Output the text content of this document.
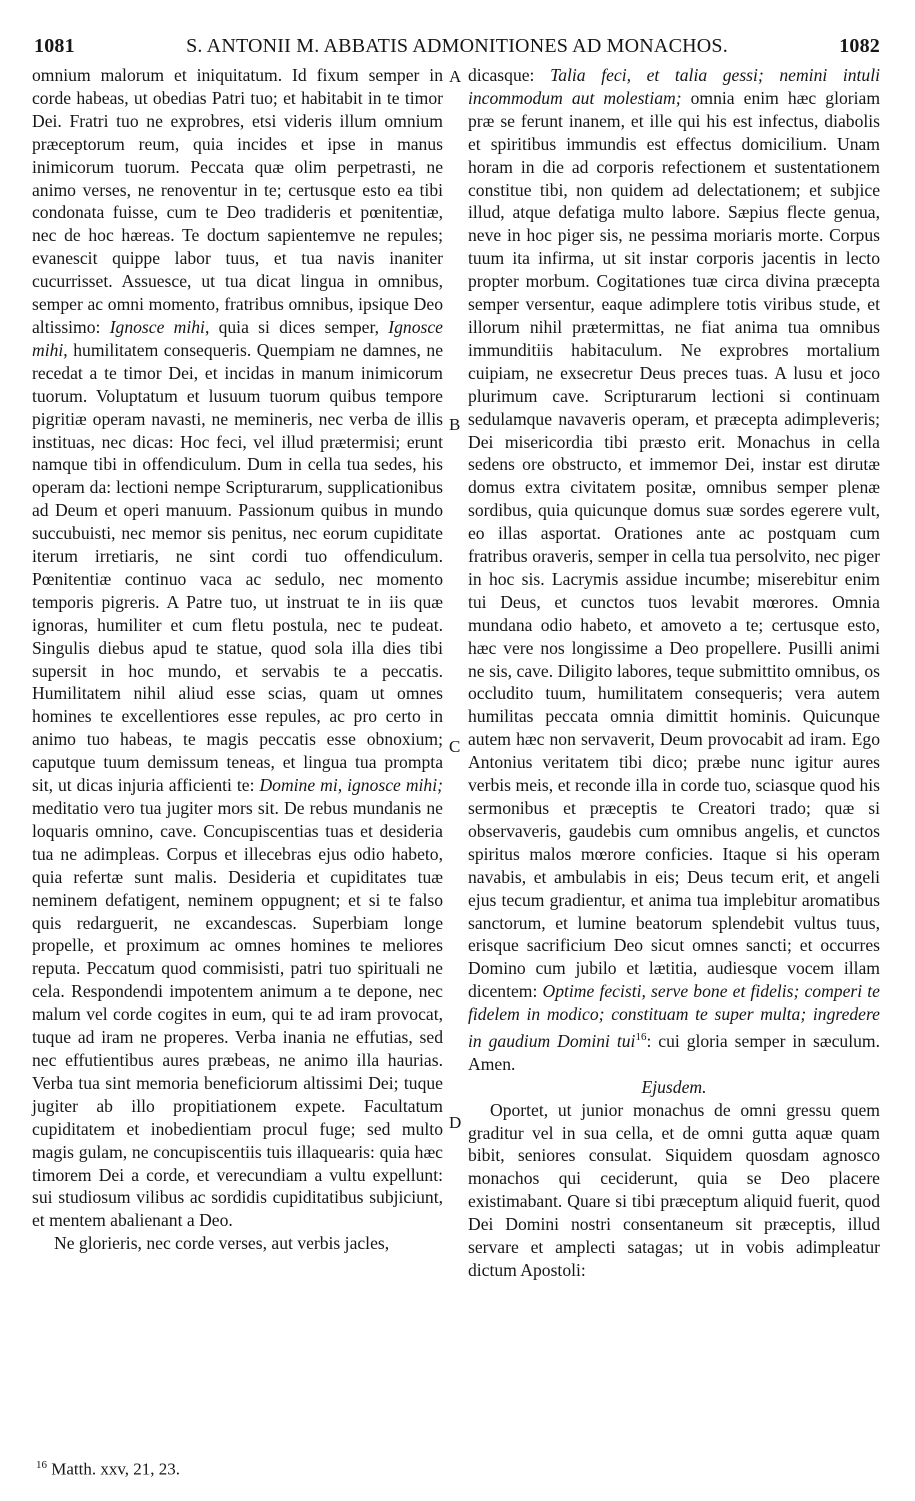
1081	S. ANTONII M. ABBATIS ADMONITIONES AD MONACHOS.	1082

omnium malorum et iniquitatum. Id fixum semper in corde habeas, ut obedias Patri tuo; et habitabit in te timor Dei. Fratri tuo ne exprobres, etsi videris illum omnium præceptorum reum, quia incides et ipse in manus inimicorum tuorum. Peccata quæ olim perpetrasti, ne animo verses, ne renoventur in te; certusque esto ea tibi condonata fuisse, cum te Deo tradideris et pœnitentiæ, nec de hoc hæreas. Te doctum sapientemve ne repules; evanescit quippe labor tuus, et tua navis inaniter cucurrisset. Assuesce, ut tua dicat lingua in omnibus, semper ac omni momento, fratribus omnibus, ipsique Deo altissimo: Ignosce mihi, quia si dices semper, Ignosce mihi, humilitatem consequeris. Quempiam ne damnes, ne recedat a te timor Dei, et incidas in manum inimicorum tuorum. Voluptatum et lusuum tuorum quibus tempore pigritiæ operam navasti, ne memineris, nec verba de illis instituas, nec dicas: Hoc feci, vel illud prætermisi; erunt namque tibi in offendiculum. Dum in cella tua sedes, his operam da: lectioni nempe Scripturarum, supplicationibus ad Deum et operi manuum. Passionum quibus in mundo succubuisti, nec memor sis penitus, nec eorum cupiditate iterum irretiaris, ne sint cordi tuo offendiculum. Pœnitentiæ continuo vaca ac sedulo, nec momento temporis pigreris. A Patre tuo, ut instruat te in iis quæ ignoras, humiliter et cum fletu postula, nec te pudeat. Singulis diebus apud te statue, quod sola illa dies tibi supersit in hoc mundo, et servabis te a peccatis. Humilitatem nihil aliud esse scias, quam ut omnes homines te excellentiores esse repules, ac pro certo in animo tuo habeas, te magis peccatis esse obnoxium; caputque tuum demissum teneas, et lingua tua prompta sit, ut dicas injuria afficienti te: Domine mi, ignosce mihi; meditatio vero tua jugiter mors sit. De rebus mundanis ne loquaris omnino, cave. Concupiscentias tuas et desideria tua ne adimpleas. Corpus et illecebras ejus odio habeto, quia refertæ sunt malis. Desideria et cupiditates tuæ neminem defatigent, neminem oppugnent; et si te falso quis redarguerit, ne excandescas. Superbiam longe propelle, et proximum ac omnes homines te meliores reputa. Peccatum quod commisisti, patri tuo spirituali ne cela. Respondendi impotentem animum a te depone, nec malum vel corde cogites in eum, qui te ad iram provocat, tuque ad iram ne properes. Verba inania ne effutias, sed nec effutientibus aures præbeas, ne animo illa haurias. Verba tua sint memoria beneficiorum altissimi Dei; tuque jugiter ab illo propitiationem expete. Facultatum cupiditatem et inobedientiam procul fuge; sed multo magis gulam, ne concupiscentiis tuis illaquearis: quia hæc timorem Dei a corde, et verecundiam a vultu expellunt: sui studiosum vilibus ac sordidis cupiditatibus subjiciunt, et mentem abalienant a Deo.

Ne glorieris, nec corde verses, aut verbis jacles,

A
B
C
D

dicasque: Talia feci, et talia gessi; nemini intuli incommodum aut molestiam; omnia enim hæc gloriam præ se ferunt inanem, et ille qui his est infectus, diabolis et spiritibus immundis est effectus domicilium. Unam horam in die ad corporis refectionem et sustentationem constitue tibi, non quidem ad delectationem; et subjice illud, atque defatiga multo labore. Sæpius flecte genua, neve in hoc piger sis, ne pessima moriaris morte. Corpus tuum ita infirma, ut sit instar corporis jacentis in lecto propter morbum. Cogitationes tuæ circa divina præcepta semper versentur, eaque adimplere totis viribus stude, et illorum nihil prætermittas, ne fiat anima tua omnibus immunditiis habitaculum. Ne exprobres mortalium cuipiam, ne exsecretur Deus preces tuas. A lusu et joco plurimum cave. Scripturarum lectioni si continuam sedulamque navaveris operam, et præcepta adimpleveris; Dei misericordia tibi præsto erit. Monachus in cella sedens ore obstructo, et immemor Dei, instar est dirutæ domus extra civitatem positæ, omnibus semper plenæ sordibus, quia quicunque domus suæ sordes egerere vult, eo illas asportat. Orationes ante ac postquam cum fratribus oraveris, semper in cella tua persolvito, nec piger in hoc sis. Lacrymis assidue incumbe; miserebitur enim tui Deus, et cunctos tuos levabit mœrores. Omnia mundana odio habeto, et amoveto a te; certusque esto, hæc vere nos longissime a Deo propellere. Pusilli animi ne sis, cave. Diligito labores, teque submittito omnibus, os occludito tuum, humilitatem consequeris; vera autem humilitas peccata omnia dimittit hominis. Quicunque autem hæc non servaverit, Deum provocabit ad iram. Ego Antonius veritatem tibi dico; præbe nunc igitur aures verbis meis, et reconde illa in corde tuo, sciasque quod his sermonibus et præceptis te Creatori trado; quæ si observaveris, gaudebis cum omnibus angelis, et cunctos spiritus malos mœrore conficies. Itaque si his operam navabis, et ambulabis in eis; Deus tecum erit, et angeli ejus tecum gradientur, et anima tua implebitur aromatibus sanctorum, et lumine beatorum splendebit vultus tuus, erisque sacrificium Deo sicut omnes sancti; et occurres Domino cum jubilo et lætitia, audiesque vocem illam dicentem: Optime fecisti, serve bone et fidelis; comperi te fidelem in modico; constituam te super multa; ingredere in gaudium Domini tui$^{16}$: cui gloria semper in sæculum. Amen.

Ejusdem.

Oportet, ut junior monachus de omni gressu quem graditur vel in sua cella, et de omni gutta aquæ quam bibit, seniores consulat. Siquidem quosdam agnosco monachos qui ceciderunt, quia se Deo placere existimabant. Quare si tibi præceptum aliquid fuerit, quod Dei Domini nostri consentaneum sit præceptis, illud servare et amplecti satagas; ut in vobis adimpleatur dictum Apostoli:

$^{16}$ Matth. xxv, 21, 23.
